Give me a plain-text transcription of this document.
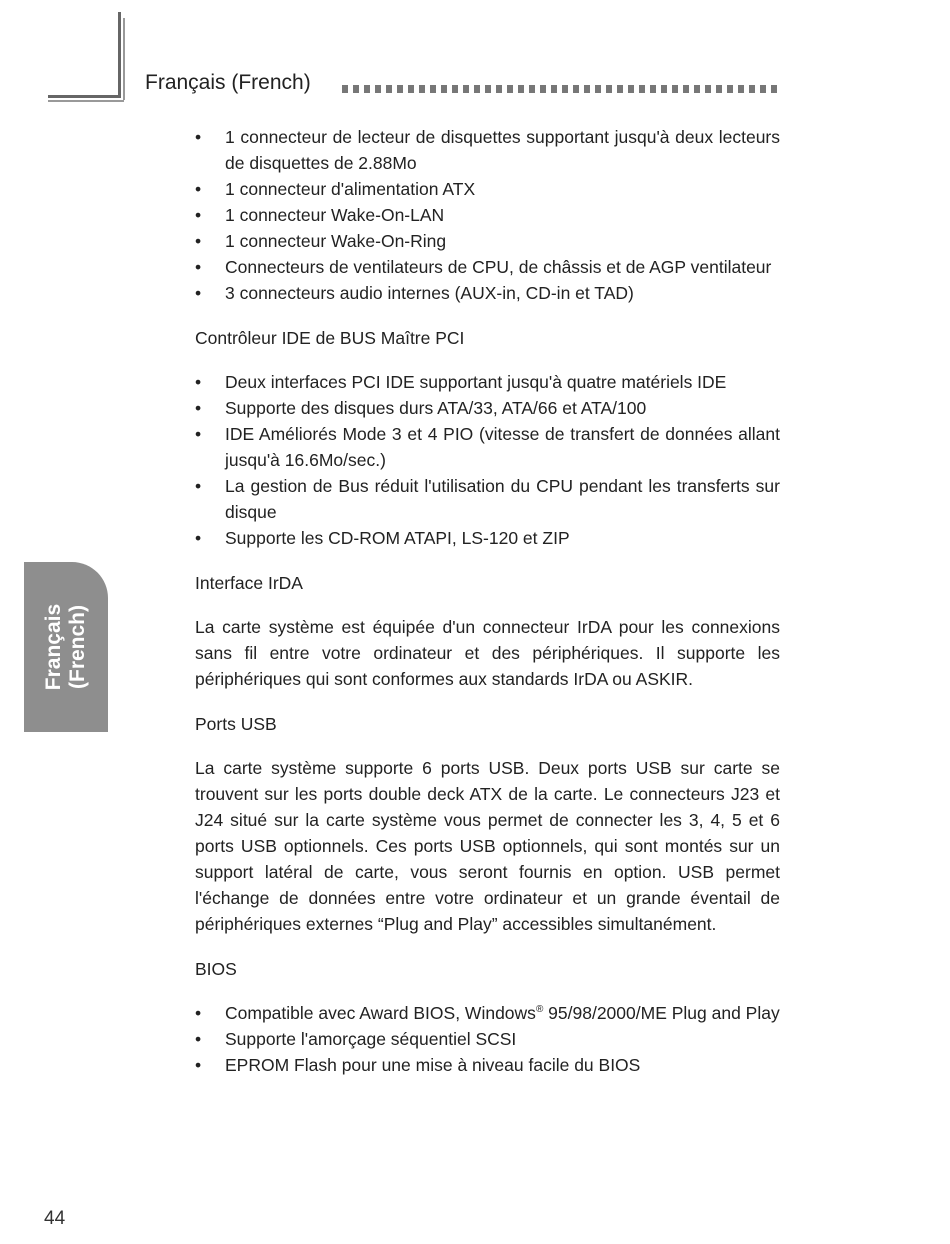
Français (French)
• 1 connecteur de lecteur de disquettes supportant jusqu'à deux lecteurs de disquettes de 2.88Mo
• 1 connecteur d'alimentation ATX
• 1 connecteur Wake-On-LAN
• 1 connecteur Wake-On-Ring
• Connecteurs de ventilateurs de CPU, de châssis et de AGP ventilateur
• 3 connecteurs audio internes (AUX-in, CD-in et TAD)
Contrôleur IDE de BUS Maître PCI
• Deux interfaces PCI IDE supportant jusqu'à quatre matériels IDE
• Supporte des disques durs ATA/33, ATA/66 et ATA/100
• IDE Améliorés Mode 3 et 4 PIO (vitesse de transfert de données allant jusqu'à 16.6Mo/sec.)
• La gestion de Bus réduit l'utilisation du CPU pendant les transferts sur disque
• Supporte les CD-ROM ATAPI, LS-120 et ZIP
Interface IrDA
La carte système est équipée d'un connecteur IrDA pour les connexions sans fil entre votre ordinateur et des périphériques. Il supporte les périphériques qui sont conformes aux standards IrDA ou ASKIR.
Ports USB
La carte système supporte 6 ports USB. Deux ports USB sur carte se trouvent sur les ports double deck ATX de la carte. Le connecteurs J23 et J24 situé sur la carte système vous permet de connecter les 3, 4, 5 et 6 ports USB optionnels. Ces ports USB optionnels, qui sont montés sur un support latéral de carte, vous seront fournis en option. USB permet l'échange de données entre votre ordinateur et un grande éventail de périphériques externes “Plug and Play” accessibles simultanément.
BIOS
• Compatible avec Award BIOS, Windows® 95/98/2000/ME Plug and Play
• Supporte l'amorçage séquentiel SCSI
• EPROM Flash pour une mise à niveau facile du BIOS
Français (French)
44
